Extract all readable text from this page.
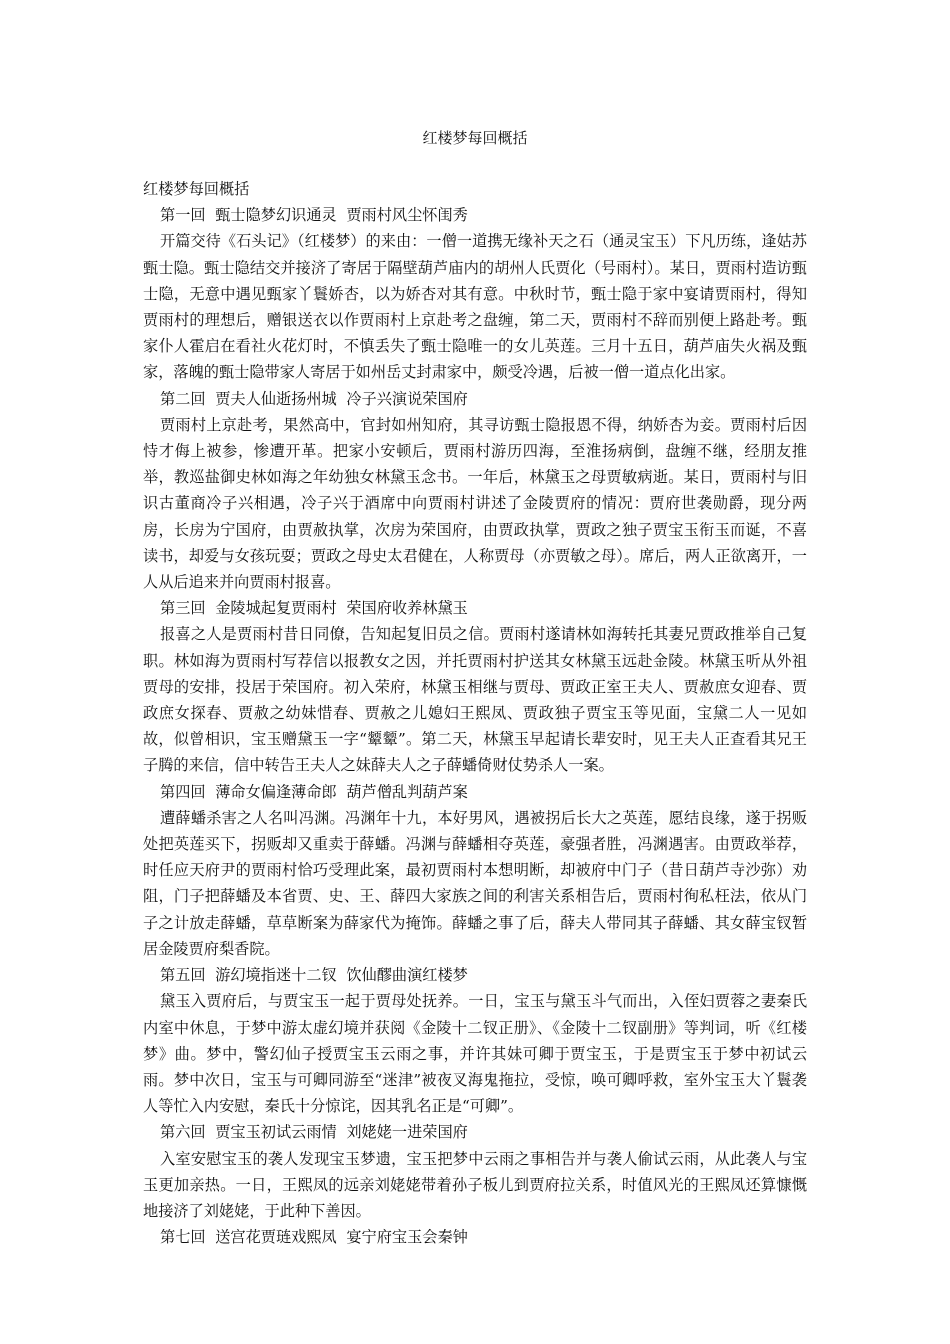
红楼梦每回概括

红楼梦每回概括

第一回  甄士隐梦幻识通灵  贾雨村风尘怀闺秀

开篇交待《石头记》（红楼梦）的来由：一僧一道携无缘补天之石（通灵宝玉）下凡历练，逢姑苏甄士隐。甄士隐结交并接济了寄居于隔壁葫芦庙内的胡州人氏贾化（号雨村）。某日，贾雨村造访甄士隐，无意中遇见甄家丫鬟娇杏，以为娇杏对其有意。中秋时节，甄士隐于家中宴请贾雨村，得知贾雨村的理想后，赠银送衣以作贾雨村上京赴考之盘缠，第二天，贾雨村不辞而别便上路赴考。甄家仆人霍启在看社火花灯时，不慎丢失了甄士隐唯一的女儿英莲。三月十五日，葫芦庙失火祸及甄家，落魄的甄士隐带家人寄居于如州岳丈封肃家中，颇受冷遇，后被一僧一道点化出家。

第二回  贾夫人仙逝扬州城  冷子兴演说荣国府

贾雨村上京赴考，果然高中，官封如州知府，其寻访甄士隐报恩不得，纳娇杏为妾。贾雨村后因恃才侮上被参，惨遭开革。把家小安顿后，贾雨村游历四海，至淮扬病倒，盘缠不继，经朋友推举，教巡盐御史林如海之年幼独女林黛玉念书。一年后，林黛玉之母贾敏病逝。某日，贾雨村与旧识古董商冷子兴相遇，冷子兴于酒席中向贾雨村讲述了金陵贾府的情况：贾府世袭勋爵，现分两房，长房为宁国府，由贾赦执掌，次房为荣国府，由贾政执掌，贾政之独子贾宝玉衔玉而诞，不喜读书，却爱与女孩玩耍；贾政之母史太君健在，人称贾母（亦贾敏之母）。席后，两人正欲离开，一人从后追来并向贾雨村报喜。

第三回  金陵城起复贾雨村  荣国府收养林黛玉

报喜之人是贾雨村昔日同僚，告知起复旧员之信。贾雨村遂请林如海转托其妻兄贾政推举自己复职。林如海为贾雨村写荐信以报教女之因，并托贾雨村护送其女林黛玉远赴金陵。林黛玉听从外祖贾母的安排，投居于荣国府。初入荣府，林黛玉相继与贾母、贾政正室王夫人、贾赦庶女迎春、贾政庶女探春、贾赦之幼妹惜春、贾赦之儿媳妇王熙凤、贾政独子贾宝玉等见面，宝黛二人一见如故，似曾相识，宝玉赠黛玉一字“颦颦”。第二天，林黛玉早起请长辈安时，见王夫人正查看其兄王子腾的来信，信中转告王夫人之妹薛夫人之子薛蟠倚财仗势杀人一案。

第四回  薄命女偏逢薄命郎  葫芦僧乱判葫芦案

遭薛蟠杀害之人名叫冯渊。冯渊年十九，本好男风，遇被拐后长大之英莲，愿结良缘，遂于拐贩处把英莲买下，拐贩却又重卖于薛蟠。冯渊与薛蟠相夺英莲，豪强者胜，冯渊遇害。由贾政举荐，时任应天府尹的贾雨村恰巧受理此案，最初贾雨村本想明断，却被府中门子（昔日葫芦寺沙弥）劝阻，门子把薛蟠及本省贾、史、王、薛四大家族之间的利害关系相告后，贾雨村徇私枉法，依从门子之计放走薛蟠，草草断案为薛家代为掩饰。薛蟠之事了后，薛夫人带同其子薛蟠、其女薛宝钗暂居金陵贾府梨香院。

第五回  游幻境指迷十二钗  饮仙醪曲演红楼梦

黛玉入贾府后，与贾宝玉一起于贾母处抚养。一日，宝玉与黛玉斗气而出，入侄妇贾蓉之妻秦氏内室中休息，于梦中游太虚幻境并获阅《金陵十二钗正册》、《金陵十二钗副册》等判词，听《红楼梦》曲。梦中，警幻仙子授贾宝玉云雨之事，并许其妹可卿于贾宝玉，于是贾宝玉于梦中初试云雨。梦中次日，宝玉与可卿同游至“迷津”被夜叉海鬼拖拉，受惊，唤可卿呼救，室外宝玉大丫鬟袭人等忙入内安慰，秦氏十分惊诧，因其乳名正是“可卿”。

第六回  贾宝玉初试云雨情  刘姥姥一进荣国府

入室安慰宝玉的袭人发现宝玉梦遗，宝玉把梦中云雨之事相告并与袭人偷试云雨，从此袭人与宝玉更加亲热。一日，王熙凤的远亲刘姥姥带着孙子板儿到贾府拉关系，时值风光的王熙凤还算慷慨地接济了刘姥姥，于此种下善因。

第七回  送宫花贾琏戏熙凤  宴宁府宝玉会秦钟
